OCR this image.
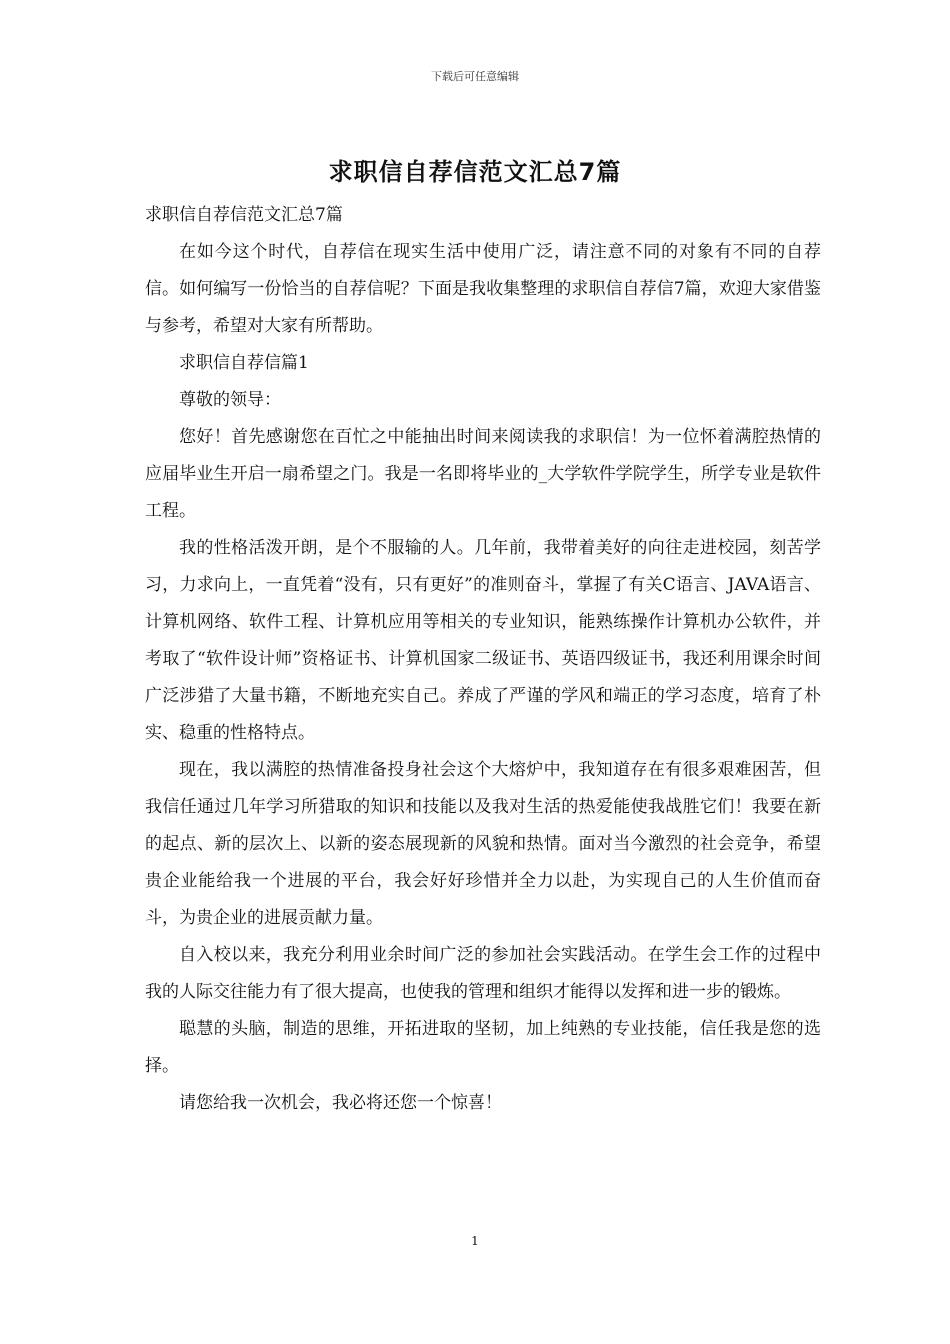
下载后可任意编辑
求职信自荐信范文汇总7篇

求职信自荐信范文汇总7篇

在如今这个时代，自荐信在现实生活中使用广泛，请注意不同的对象有不同的自荐信。如何编写一份恰当的自荐信呢？下面是我收集整理的求职信自荐信7篇，欢迎大家借鉴与参考，希望对大家有所帮助。

求职信自荐信篇1

尊敬的领导：

您好！首先感谢您在百忙之中能抽出时间来阅读我的求职信！为一位怀着满腔热情的应届毕业生开启一扇希望之门。我是一名即将毕业的_大学软件学院学生，所学专业是软件工程。

我的性格活泼开朗，是个不服输的人。几年前，我带着美好的向往走进校园，刻苦学习，力求向上，一直凭着“没有，只有更好”的准则奋斗，掌握了有关C语言、JAVA语言、计算机网络、软件工程、计算机应用等相关的专业知识，能熟练操作计算机办公软件，并考取了“软件设计师”资格证书、计算机国家二级证书、英语四级证书，我还利用课余时间广泛涉猎了大量书籍，不断地充实自己。养成了严谨的学风和端正的学习态度，培育了朴实、稳重的性格特点。

现在，我以满腔的热情准备投身社会这个大熔炉中，我知道存在有很多艰难困苦，但我信任通过几年学习所猎取的知识和技能以及我对生活的热爱能使我战胜它们！我要在新的起点、新的层次上、以新的姿态展现新的风貌和热情。面对当今激烈的社会竞争，希望贵企业能给我一个进展的平台，我会好好珍惜并全力以赴，为实现自己的人生价值而奋斗，为贵企业的进展贡献力量。

自入校以来，我充分利用业余时间广泛的参加社会实践活动。在学生会工作的过程中我的人际交往能力有了很大提高，也使我的管理和组织才能得以发挥和进一步的锻炼。

聪慧的头脑，制造的思维，开拓进取的坚韧，加上纯熟的专业技能，信任我是您的选择。

请您给我一次机会，我必将还您一个惊喜！

1
